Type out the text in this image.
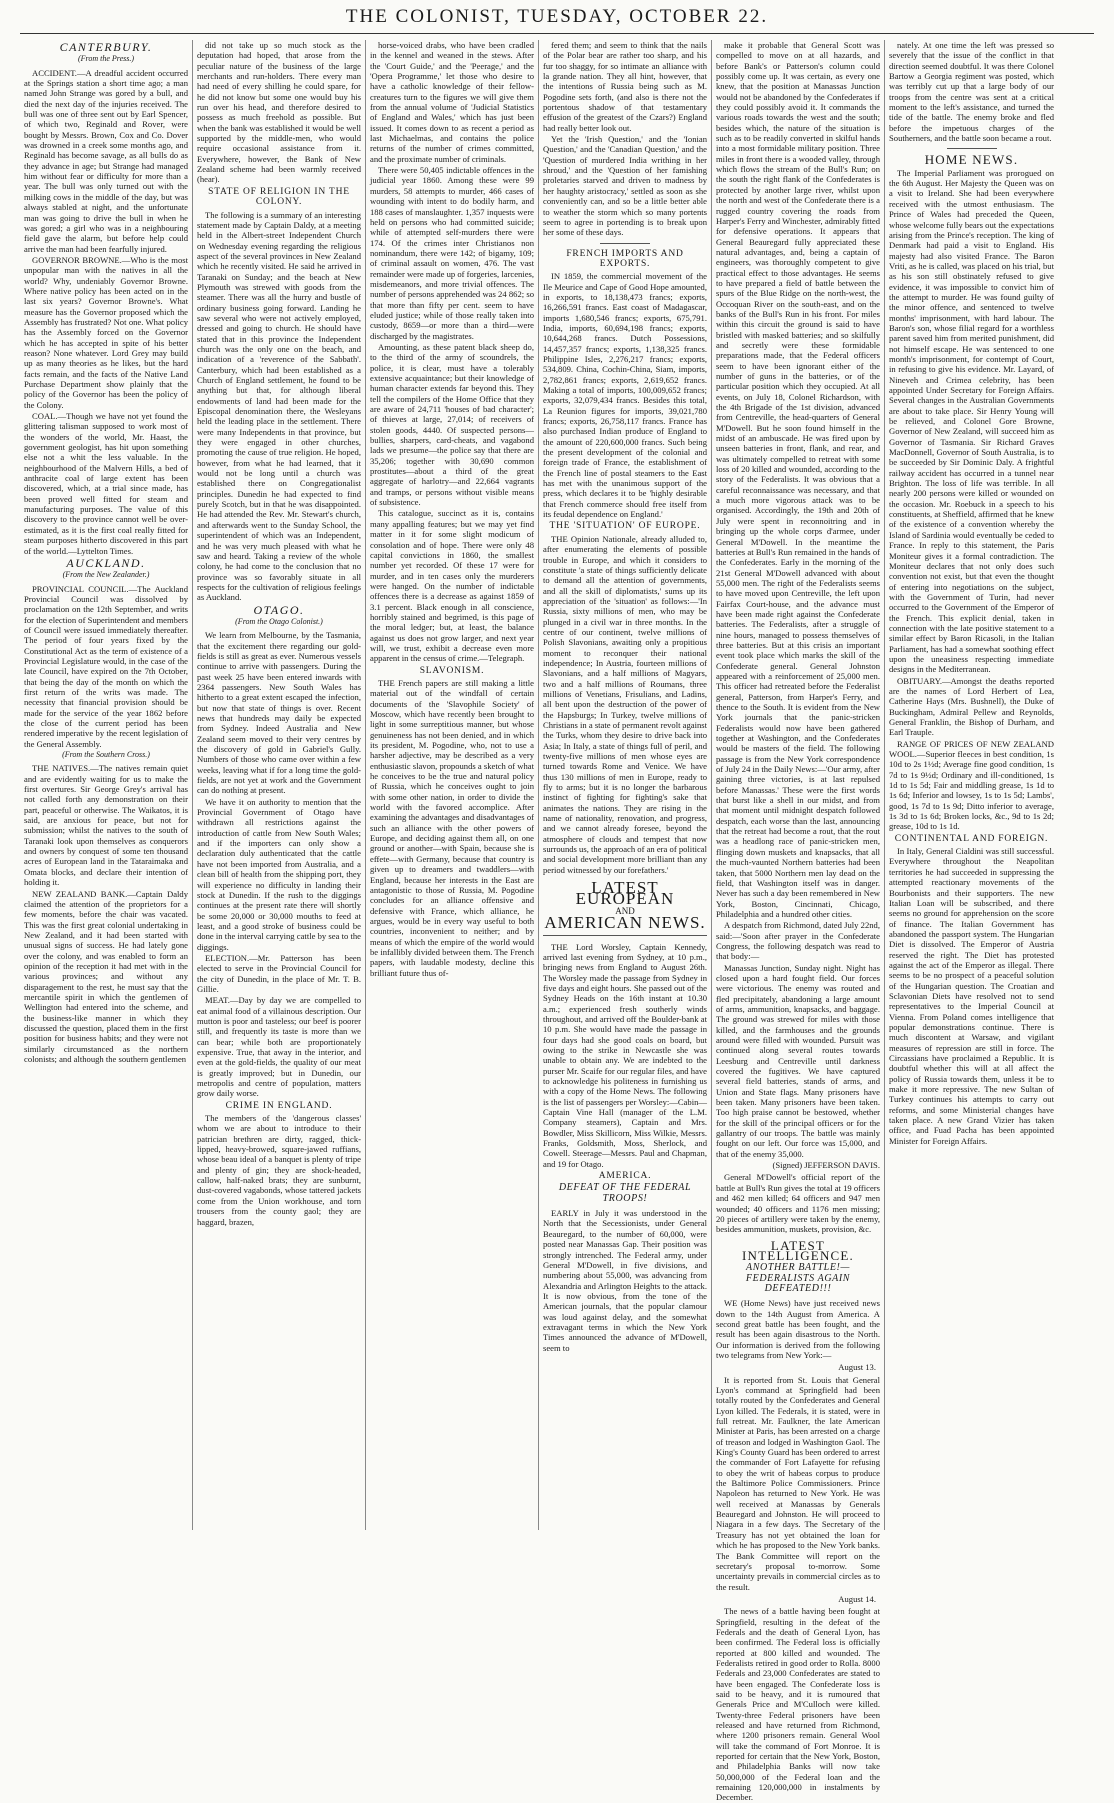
THE COLONIST, TUESDAY, OCTOBER 22.
CANTERBURY.
(From the Press.)

ACCIDENT.—A dreadful accident occurred at the Springs station a short time ago; a man named John Strange was gored by a bull, and died the next day of the injuries received. The bull was one of three sent out by Earl Spencer, of which two, Reginald and Rover, were bought by Messrs. Brown, Cox and Co. Dover was drowned in a creek some months ago, and Reginald has become savage, as all bulls do as they advance in age; but Strange had managed him without fear or difficulty for more than a year. The bull was only turned out with the milking cows in the middle of the day, but was always stabled at night, and the unfortunate man was going to drive the bull in when he was gored; a girl who was in a neighbouring field gave the alarm, but before help could arrive the man had been fearfully injured.

GOVERNOR BROWNE.—Who is the most unpopular man with the natives in all the world? Why, undeniably Governor Browne. Where native policy has been acted on in the last six years? Governor Browne's. What measure has the Governor proposed which the Assembly has frustrated? Not one. What policy has the Assembly forced on the Governor which he has accepted in spite of his better reason? None whatever. Lord Grey may build up as many theories as he likes, but the hard facts remain, and the facts of the Native Land Purchase Department show plainly that the policy of the Governor has been the policy of the Colony.

COAL.—Though we have not yet found the glittering talisman supposed to work most of the wonders of the world, Mr. Haast, the government geologist, has hit upon something else not a whit the less valuable. In the neighbourhood of the Malvern Hills, a bed of anthracite coal of large extent has been discovered, which, at a trial since made, has been proved well fitted for steam and manufacturing purposes. The value of this discovery to the province cannot well be over-estimated, as it is the first coal really fitted for steam purposes hitherto discovered in this part of the world.—Lyttelton Times.

AUCKLAND.
(From the New Zealander.)

PROVINCIAL COUNCIL.—The Auckland Provincial Council was dissolved by proclamation on the 12th September, and writs for the election of Superintendent and members of Council were issued immediately thereafter. The period of four years fixed by the Constitutional Act as the term of existence of a Provincial Legislature would, in the case of the late Council, have expired on the 7th October, that being the day of the month on which the first return of the writs was made. The necessity that financial provision should be made for the service of the year 1862 before the close of the current period has been rendered imperative by the recent legislation of the General Assembly.

(From the Southern Cross.)

THE NATIVES.—The natives remain quiet and are evidently waiting for us to make the first overtures. Sir George Grey's arrival has not called forth any demonstration on their part, peaceful or otherwise. The Waikatos, it is said, are anxious for peace, but not for submission; whilst the natives to the south of Taranaki look upon themselves as conquerors and owners by conquest of some ten thousand acres of European land in the Tataraimaka and Omata blocks, and declare their intention of holding it.

NEW ZEALAND BANK.—Captain Daldy claimed the attention of the proprietors for a few moments, before the chair was vacated. This was the first great colonial undertaking in New Zealand, and it had been started with unusual signs of success. He had lately gone over the colony, and was enabled to form an opinion of the reception it had met with in the various provinces; and without any disparagement to the rest, he must say that the mercantile spirit in which the gentlemen of Wellington had entered into the scheme, and the business-like manner in which they discussed the question, placed them in the first position for business habits; and they were not similarly circumstanced as the northern colonists; and although the southern gentlemen

did not take up so much stock as the deputation had hoped, that arose from the peculiar nature of the business of the large merchants and run-holders. There every man had need of every shilling he could spare, for he did not know but some one would buy his run over his head, and therefore desired to possess as much freehold as possible. But when the bank was established it would be well supported by the middle-men, who would require occasional assistance from it. Everywhere, however, the Bank of New Zealand scheme had been warmly received (hear).

STATE OF RELIGION IN THE COLONY.

The following is a summary of an interesting statement made by Captain Daldy, at a meeting held in the Albert-street Independent Church on Wednesday evening regarding the religious aspect of the several provinces in New Zealand which he recently visited. He said he arrived in Taranaki on Sunday; and the beach at New Plymouth was strewed with goods from the steamer. There was all the hurry and bustle of ordinary business going forward. Landing he saw several who were not actively employed, dressed and going to church. He should have stated that in this province the Independent church was the only one on the beach, and indication of a 'reverence of the Sabbath'. Canterbury, which had been established as a Church of England settlement, he found to be anything but that, for although liberal endowments of land had been made for the Episcopal denomination there, the Wesleyans held the leading place in the settlement. There were many Independents in that province, but they were engaged in other churches, promoting the cause of true religion. He hoped, however, from what he had learned, that it would not be long until a church was established there on Congregationalist principles. Dunedin he had expected to find purely Scotch, but in that he was disappointed. He had attended the Rev. Mr. Stewart's church, and afterwards went to the Sunday School, the superintendent of which was an Independent, and he was very much pleased with what he saw and heard. Taking a review of the whole colony, he had come to the conclusion that no province was so favorably situate in all respects for the cultivation of religious feelings as Auckland.

OTAGO.
(From the Otago Colonist.)

We learn from Melbourne, by the Tasmania, that the excitement there regarding our gold-fields is still as great as ever. Numerous vessels continue to arrive with passengers. During the past week 25 have been entered inwards with 2364 passengers. New South Wales has hitherto to a great extent escaped the infection, but now that state of things is over. Recent news that hundreds may daily be expected from Sydney. Indeed Australia and New Zealand seem moved to their very centres by the discovery of gold in Gabriel's Gully. Numbers of those who came over within a few weeks, leaving what if for a long time the gold-fields, are not yet at work and the Government can do nothing at present.

We have it on authority to mention that the Provincial Government of Otago have withdrawn all restrictions against the introduction of cattle from New South Wales; and if the importers can only show a declaration duly authenticated that the cattle have not been imported from Australia, and a clean bill of health from the shipping port, they will experience no difficulty in landing their stock at Dunedin. If the rush to the diggings continues at the present rate there will shortly be some 20,000 or 30,000 mouths to feed at least, and a good stroke of business could be done in the interval carrying cattle by sea to the diggings.

ELECTION.—Mr. Patterson has been elected to serve in the Provincial Council for the city of Dunedin, in the place of Mr. T. B. Gillie.

MEAT.—Day by day we are compelled to eat animal food of a villainous description. Our mutton is poor and tasteless; our beef is poorer still, and frequently its taste is more than we can bear; while both are proportionately expensive. True, that away in the interior, and even at the gold-fields, the quality of our meat is greatly improved; but in Dunedin, our metropolis and centre of population, matters grow daily worse.

CRIME IN ENGLAND.

The members of the 'dangerous classes' whom we are about to introduce to their patrician brethren are dirty, ragged, thick-lipped, heavy-browed, square-jawed ruffians, whose beau ideal of a banquet is plenty of tripe and plenty of gin; they are shock-headed, callow, half-naked brats; they are sunburnt, dust-covered vagabonds, whose tattered jackets come from the Union workhouse, and torn trousers from the county gaol; they are haggard, brazen,

horse-voiced drabs, who have been cradled in the kennel and weaned in the stews. After the 'Court Guide,' and the 'Peerage,' and the 'Opera Programme,' let those who desire to have a catholic knowledge of their fellow-creatures turn to the figures we will give them from the annual volume of 'Judicial Statistics of England and Wales,' which has just been issued. It comes down to as recent a period as last Michaelmas, and contains the police returns of the number of crimes committed, and the proximate number of criminals.

There were 50,405 indictable offences in the judicial year 1860. Among these were 99 murders, 58 attempts to murder, 466 cases of wounding with intent to do bodily harm, and 188 cases of manslaughter. 1,357 inquests were held on persons who had committed suicide; while of attempted self-murders there were 174. Of the crimes inter Christianos non nominandum, there were 142; of bigamy, 109; of criminal assault on women, 476. The vast remainder were made up of forgeries, larcenies, misdemeanors, and more trivial offences. The number of persons apprehended was 24 862; so that more than fifty per cent. seem to have eluded justice; while of those really taken into custody, 8659—or more than a third—were discharged by the magistrates.

Amounting, as these patent black sheep do, to the third of the army of scoundrels, the police, it is clear, must have a tolerably extensive acquaintance; but their knowledge of human character extends far beyond this. They tell the compilers of the Home Office that they are aware of 24,711 'houses of bad character'; of thieves at large, 27,014; of receivers of stolen goods, 4440. Of suspected persons—bullies, sharpers, card-cheats, and vagabond lads we presume—the police say that there are 35,206; together with 30,690 common prostitutes—about a third of the great aggregate of harlotry—and 22,664 vagrants and tramps, or persons without visible means of subsistence.

This catalogue, succinct as it is, contains many appalling features; but we may yet find matter in it for some slight modicum of consolation and of hope. There were only 48 capital convictions in 1860, the smallest number yet recorded. Of these 17 were for murder, and in ten cases only the murderers were hanged. On the number of indictable offences there is a decrease as against 1859 of 3.1 percent. Black enough in all conscience, horribly stained and begrimed, is this page of the moral ledger; but, at least, the balance against us does not grow larger, and next year will, we trust, exhibit a decrease even more apparent in the census of crime.—Telegraph.

SLAVONISM.

THE French papers are still making a little material out of the windfall of certain documents of the 'Slavophile Society' of Moscow, which have recently been brought to light in some surreptitious manner, but whose genuineness has not been denied, and in which its president, M. Pogodine, who, not to use a harsher adjective, may be described as a very enthusiastic slavon, propounds a sketch of what he conceives to be the true and natural policy of Russia, which he conceives ought to join with some other nation, in order to divide the world with the favored accomplice. After examining the advantages and disadvantages of such an alliance with the other powers of Europe, and deciding against them all, on one ground or another—with Spain, because she is effete—with Germany, because that country is given up to dreamers and twaddlers—with England, because her interests in the East are antagonistic to those of Russia, M. Pogodine concludes for an alliance offensive and defensive with France, which alliance, he argues, would be in every way useful to both countries, inconvenient to neither; and by means of which the empire of the world would be infallibly divided between them. The French papers, with laudable modesty, decline this brilliant future thus of-

fered them; and seem to think that the nails of the Polar bear are rather too sharp, and his fur too shaggy, for so intimate an alliance with la grande nation. They all hint, however, that the intentions of Russia being such as M. Pogodine sets forth, (and also is there not the portentous shadow of that testamentary effusion of the greatest of the Czars?) England had really better look out.

Yet the 'Irish Question,' and the 'Ionian Question,' and the 'Canadian Question,' and the 'Question of murdered India writhing in her shroud,' and the 'Question of her famishing proletaries starved and driven to madness by her haughty aristocracy,' settled as soon as she conveniently can, and so be a little better able to weather the storm which so many portents seem to agree in portending is to break upon her some of these days.

FRENCH IMPORTS AND EXPORTS.

IN 1859, the commercial movement of the Ile Meurice and Cape of Good Hope amounted, in exports, to 18,138,473 francs; exports, 16,266,591 francs. East coast of Madagascar, imports 1,680,546 francs; exports, 675,791. India, imports, 60,694,198 francs; exports, 10,644,268 francs. Dutch Possessions, 14,457,357 francs; exports, 1,138,325 francs. Philippine Isles, 2,276,217 francs; exports, 534,809. China, Cochin-China, Siam, imports, 2,782,861 francs; exports, 2,619,652 francs. Making a total of imports, 100,009,652 francs; exports, 32,079,434 francs. Besides this total, La Reunion figures for imports, 39,021,780 francs; exports, 26,758,117 francs. France has also purchased Indian produce of England to the amount of 220,600,000 francs. Such being the present development of the colonial and foreign trade of France, the establishment of the French line of postal steamers to the East has met with the unanimous support of the press, which declares it to be 'highly desirable that French commerce should free itself from its feudal dependence on England.'

THE 'SITUATION' OF EUROPE.

THE Opinion Nationale, already alluded to, after enumerating the elements of possible trouble in Europe, and which it considers to constitute 'a state of things sufficiently delicate to demand all the attention of governments, and all the skill of diplomatists,' sums up its appreciation of the 'situation' as follows:—'In Russia, sixty millions of men, who may be plunged in a civil war in three months. In the centre of our continent, twelve millions of Polish Slavonians, awaiting only a propitious moment to reconquer their national independence; In Austria, fourteen millions of Slavonians, and a half millions of Magyars, two and a half millions of Roumans, three millions of Venetians, Frisulians, and Ladins, all bent upon the destruction of the power of the Hapsburgs; In Turkey, twelve millions of Christians in a state of permanent revolt against the Turks, whom they desire to drive back into Asia; In Italy, a state of things full of peril, and twenty-five millions of men whose eyes are turned towards Rome and Venice. We have thus 130 millions of men in Europe, ready to fly to arms; but it is no longer the barbarous instinct of fighting for fighting's sake that animates the nations. They are rising in the name of nationality, renovation, and progress, and we cannot already foresee, beyond the atmosphere of clouds and tempest that now surrounds us, the approach of an era of political and social development more brilliant than any period witnessed by our forefathers.'

LATEST EUROPEAN
AND
AMERICAN NEWS.

THE Lord Worsley, Captain Kennedy, arrived last evening from Sydney, at 10 p.m., bringing news from England to August 26th. The Worsley made the passage from Sydney in five days and eight hours. She passed out of the Sydney Heads on the 16th instant at 10.30 a.m.; experienced fresh southerly winds throughout, and arrived off the Boulder-bank at 10 p.m. She would have made the passage in four days had she good coals on board, but owing to the strike in Newcastle she was unable to obtain any. We are indebted to the purser Mr. Scaife for our regular files, and have to acknowledge his politeness in furnishing us with a copy of the Home News. The following is the list of passengers per Worsley:—Cabin—Captain Vine Hall (manager of the L.M. Company steamers), Captain and Mrs. Bowdler, Miss Skillicorn, Miss Wilkie, Messrs. Franks, Goldsmith, Moss, Sherlock, and Cowell. Steerage—Messrs. Paul and Chapman, and 19 for Otago.

AMERICA.
DEFEAT OF THE FEDERAL TROOPS!

EARLY in July it was understood in the North that the Secessionists, under General Beauregard, to the number of 60,000, were posted near Manassas Gap. Their position was strongly intrenched. The Federal army, under General M'Dowell, in five divisions, and numbering about 55,000, was advancing from Alexandria and Arlington Heights to the attack. It is now obvious, from the tone of the American journals, that the popular clamour was loud against delay, and the somewhat extravagant terms in which the New York Times announced the advance of M'Dowell, seem to

make it probable that General Scott was compelled to move on at all hazards, and before Bank's or Patterson's column could possibly come up. It was certain, as every one knew, that the position at Manassas Junction would not be abandoned by the Confederates if they could possibly avoid it. It commands the various roads towards the west and the south; besides which, the nature of the situation is such as to be readily converted in skilful hands into a most formidable military position. Three miles in front there is a wooded valley, through which flows the stream of the Bull's Run; on the south the right flank of the Confederates is protected by another large river, whilst upon the north and west of the Confederate there is a rugged country covering the roads from Harper's Ferry and Winchester, admirably fitted for defensive operations. It appears that General Beauregard fully appreciated these natural advantages, and, being a captain of engineers, was thoroughly competent to give practical effect to those advantages. He seems to have prepared a field of battle between the spurs of the Blue Ridge on the north-west, the Occoquan River on the south-east, and on the banks of the Bull's Run in his front. For miles within this circuit the ground is said to have bristled with masked batteries; and so skilfully and secretly were these formidable preparations made, that the Federal officers seem to have been ignorant either of the number of guns in the batteries, or of the particular position which they occupied. At all events, on July 18, Colonel Richardson, with the 4th Brigade of the 1st division, advanced from Centreville, the head-quarters of General M'Dowell. But he soon found himself in the midst of an ambuscade. He was fired upon by unseen batteries in front, flank, and rear, and was ultimately compelled to retreat with some loss of 20 killed and wounded, according to the story of the Federalists. It was obvious that a careful reconnaissance was necessary, and that a much more vigorous attack was to be organised. Accordingly, the 19th and 20th of July were spent in reconnoitring and in bringing up the whole corps d'armee, under General M'Dowell. In the meantime the batteries at Bull's Run remained in the hands of the Confederates. Early in the morning of the 21st General M'Dowell advanced with about 55,000 men. The right of the Federalists seems to have moved upon Centreville, the left upon Fairfax Court-house, and the advance must have been made right against the Confederate batteries. The Federalists, after a struggle of nine hours, managed to possess themselves of three batteries. But at this crisis an important event took place which marks the skill of the Confederate general. General Johnston appeared with a reinforcement of 25,000 men. This officer had retreated before the Federalist general, Patterson, from Harper's Ferry, and thence to the South. It is evident from the New York journals that the panic-stricken Federalists would now have been gathered together at Washington, and the Confederates would be masters of the field. The following passage is from the New York correspondence of July 24 in the Daily News:—'Our army, after gaining three victories, is at last repulsed before Manassas.' These were the first words that burst like a shell in our midst, and from that moment until midnight despatch followed despatch, each worse than the last, announcing that the retreat had become a rout, that the rout was a headlong race of panic-stricken men, flinging down muskets and knapsacks, that all the much-vaunted Northern batteries had been taken, that 5000 Northern men lay dead on the field, that Washington itself was in danger. Never has such a day been remembered in New York, Boston, Cincinnati, Chicago, Philadelphia and a hundred other cities.

A despatch from Richmond, dated July 22nd, said:—'Soon after prayer in the Confederate Congress, the following despatch was read to that body:—

Manassas Junction, Sunday night. Night has closed upon a hard fought field. Our forces were victorious. The enemy was routed and fled precipitately, abandoning a large amount of arms, ammunition, knapsacks, and baggage. The ground was strewed for miles with those killed, and the farmhouses and the grounds around were filled with wounded. Pursuit was continued along several routes towards Leesburg and Centreville until darkness covered the fugitives. We have captured several field batteries, stands of arms, and Union and State flags. Many prisoners have been taken. Many prisoners have been taken. Too high praise cannot be bestowed, whether for the skill of the principal officers or for the gallantry of our troops. The battle was mainly fought on our left. Our force was 15,000, and that of the enemy 35,000.

(Signed) JEFFERSON DAVIS.

General M'Dowell's official report of the battle at Bull's Run gives the total at 19 officers and 462 men killed; 64 officers and 947 men wounded; 40 officers and 1176 men missing; 20 pieces of artillery were taken by the enemy, besides ammunition, muskets, provision, &c.

LATEST INTELLIGENCE.
ANOTHER BATTLE!—FEDERALISTS AGAIN DEFEATED!!!

WE (Home News) have just received news down to the 14th August from America. A second great battle has been fought, and the result has been again disastrous to the North. Our information is derived from the following two telegrams from New York:—

August 13.

It is reported from St. Louis that General Lyon's command at Springfield had been totally routed by the Confederates and General Lyon killed. The Federals, it is stated, were in full retreat. Mr. Faulkner, the late American Minister at Paris, has been arrested on a charge of treason and lodged in Washington Gaol. The King's County Guard has been ordered to arrest the commander of Fort Lafayette for refusing to obey the writ of habeas corpus to produce the Baltimore Police Commissioners. Prince Napoleon has returned to New York. He was well received at Manassas by Generals Beauregard and Johnston. He will proceed to Niagara in a few days. The Secretary of the Treasury has not yet obtained the loan for which he has proposed to the New York banks. The Bank Committee will report on the secretary's proposal to-morrow. Some uncertainty prevails in commercial circles as to the result.

August 14.

The news of a battle having been fought at Springfield, resulting in the defeat of the Federals and the death of General Lyon, has been confirmed. The Federal loss is officially reported at 800 killed and wounded. The Federalists retired in good order to Rolla. 8000 Federals and 23,000 Confederates are stated to have been engaged. The Confederate loss is said to be heavy, and it is rumoured that Generals Price and M'Culloch were killed. Twenty-three Federal prisoners have been released and have returned from Richmond, where 1200 prisoners remain. General Wool will take the command of Fort Monroe. It is reported for certain that the New York, Boston, and Philadelphia Banks will now take 50,000,000 of the Federal loan and the remaining 120,000,000 in instalments by December.

nately. At one time the left was pressed so severely that the issue of the conflict in that direction seemed doubtful. It was there Colonel Bartow a Georgia regiment was posted, which was terribly cut up that a large body of our troops from the centre was sent at a critical moment to the left's assistance, and turned the tide of the battle. The enemy broke and fled before the impetuous charges of the Southerners, and the battle soon became a rout.

HOME NEWS.

The Imperial Parliament was prorogued on the 6th August. Her Majesty the Queen was on a visit to Ireland. She had been everywhere received with the utmost enthusiasm. The Prince of Wales had preceded the Queen, whose welcome fully bears out the expectations arising from the Prince's reception. The king of Denmark had paid a visit to England. His majesty had also visited France. The Baron Vriti, as he is called, was placed on his trial, but as his son still obstinately refused to give evidence, it was impossible to convict him of the attempt to murder. He was found guilty of the minor offence, and sentenced to twelve months' imprisonment, with hard labour. The Baron's son, whose filial regard for a worthless parent saved him from merited punishment, did not himself escape. He was sentenced to one month's imprisonment, for contempt of Court, in refusing to give his evidence. Mr. Layard, of Nineveh and Crimea celebrity, has been appointed Under Secretary for Foreign Affairs. Several changes in the Australian Governments are about to take place. Sir Henry Young will be relieved, and Colonel Gore Browne, Governor of New Zealand, will succeed him as Governor of Tasmania. Sir Richard Graves MacDonnell, Governor of South Australia, is to be succeeded by Sir Dominic Daly. A frightful railway accident has occurred in a tunnel near Brighton. The loss of life was terrible. In all nearly 200 persons were killed or wounded on the occasion. Mr. Roebuck in a speech to his constituents, at Sheffield, affirmed that he knew of the existence of a convention whereby the Island of Sardinia would eventually be ceded to France. In reply to this statement, the Paris Moniteur gives it a formal contradiction. The Moniteur declares that not only does such convention not exist, but that even the thought of entering into negotiations on the subject, with the Government of Turin, had never occurred to the Government of the Emperor of the French. This explicit denial, taken in connection with the late positive statement to a similar effect by Baron Ricasoli, in the Italian Parliament, has had a somewhat soothing effect upon the uneasiness respecting immediate designs in the Mediterranean.

OBITUARY.—Amongst the deaths reported are the names of Lord Herbert of Lea, Catherine Hays (Mrs. Bushnell), the Duke of Buckingham, Admiral Pellew and Reynolds, General Franklin, the Bishop of Durham, and Earl Trauple.

RANGE OF PRICES OF NEW ZEALAND WOOL.—Superior fleeces in best condition, 1s 10d to 2s 1½d; Average fine good condition, 1s 7d to 1s 9½d; Ordinary and ill-conditioned, 1s 1d to 1s 5d; Fair and middling grease, 1s 1d to 1s 6d; Inferior and lowsey, 1s to 1s 5d; Lambs', good, 1s 7d to 1s 9d; Ditto inferior to average, 1s 3d to 1s 6d; Broken locks, &c., 9d to 1s 2d; grease, 10d to 1s 1d.

CONTINENTAL AND FOREIGN.

In Italy, General Cialdini was still successful. Everywhere throughout the Neapolitan territories he had succeeded in suppressing the attempted reactionary movements of the Bourbonists and their supporters. The new Italian Loan will be subscribed, and there seems no ground for apprehension on the score of finance. The Italian Government has abandoned the passport system. The Hungarian Diet is dissolved. The Emperor of Austria reserved the right. The Diet has protested against the act of the Emperor as illegal. There seems to be no prospect of a peaceful solution of the Hungarian question. The Croatian and Sclavonian Diets have resolved not to send representatives to the Imperial Council at Vienna. From Poland comes intelligence that popular demonstrations continue. There is much discontent at Warsaw, and vigilant measures of repression are still in force. The Circassians have proclaimed a Republic. It is doubtful whether this will at all affect the policy of Russia towards them, unless it be to make it more repressive. The new Sultan of Turkey continues his attempts to carry out reforms, and some Ministerial changes have taken place. A new Grand Vizier has taken office, and Fuad Pacha has been appointed Minister for Foreign Affairs.
